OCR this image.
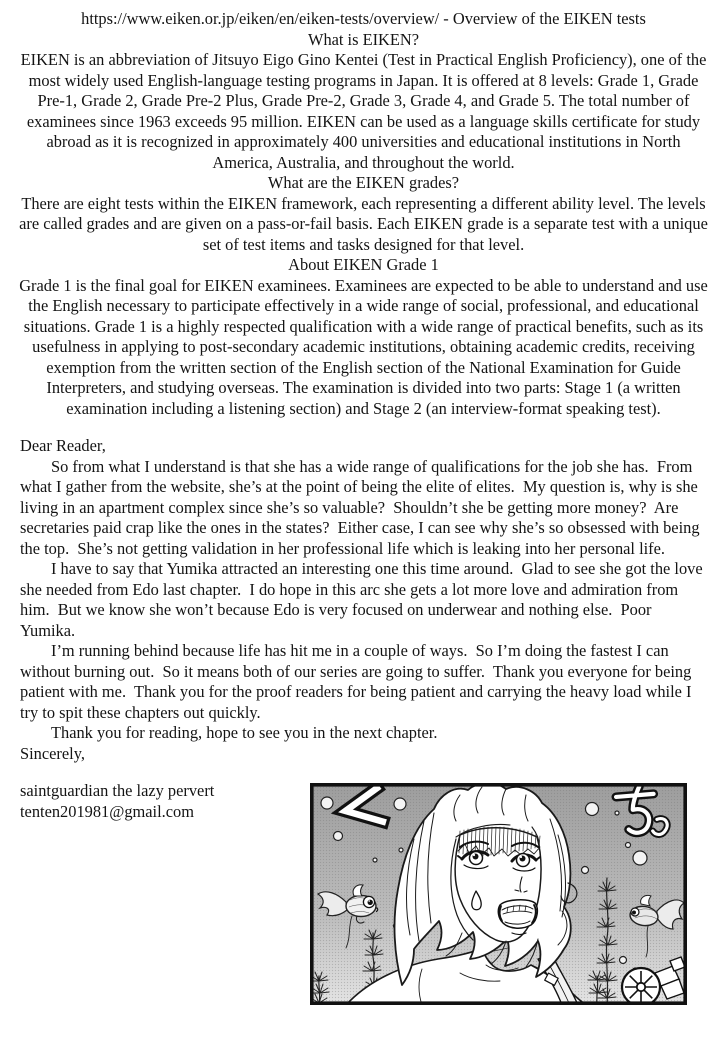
https://www.eiken.or.jp/eiken/en/eiken-tests/overview/ - Overview of the EIKEN tests

What is EIKEN?

EIKEN is an abbreviation of Jitsuyo Eigo Gino Kentei (Test in Practical English Proficiency), one of the most widely used English-language testing programs in Japan. It is offered at 8 levels: Grade 1, Grade Pre-1, Grade 2, Grade Pre-2 Plus, Grade Pre-2, Grade 3, Grade 4, and Grade 5. The total number of examinees since 1963 exceeds 95 million. EIKEN can be used as a language skills certificate for study abroad as it is recognized in approximately 400 universities and educational institutions in North America, Australia, and throughout the world.

What are the EIKEN grades?

There are eight tests within the EIKEN framework, each representing a different ability level. The levels are called grades and are given on a pass-or-fail basis. Each EIKEN grade is a separate test with a unique set of test items and tasks designed for that level.

About EIKEN Grade 1

Grade 1 is the final goal for EIKEN examinees. Examinees are expected to be able to understand and use the English necessary to participate effectively in a wide range of social, professional, and educational situations. Grade 1 is a highly respected qualification with a wide range of practical benefits, such as its usefulness in applying to post-secondary academic institutions, obtaining academic credits, receiving exemption from the written section of the English section of the National Examination for Guide Interpreters, and studying overseas. The examination is divided into two parts: Stage 1 (a written examination including a listening section) and Stage 2 (an interview-format speaking test).

Dear Reader,

So from what I understand is that she has a wide range of qualifications for the job she has.  From what I gather from the website, she’s at the point of being the elite of elites.  My question is, why is she living in an apartment complex since she’s so valuable?  Shouldn’t she be getting more money?  Are secretaries paid crap like the ones in the states?  Either case, I can see why she’s so obsessed with being the top.  She’s not getting validation in her professional life which is leaking into her personal life.

I have to say that Yumika attracted an interesting one this time around.  Glad to see she got the love she needed from Edo last chapter.  I do hope in this arc she gets a lot more love and admiration from him.  But we know she won’t because Edo is very focused on underwear and nothing else.  Poor Yumika.

I’m running behind because life has hit me in a couple of ways.  So I’m doing the fastest I can without burning out.  So it means both of our series are going to suffer.  Thank you everyone for being patient with me.  Thank you for the proof readers for being patient and carrying the heavy load while I try to spit these chapters out quickly.

Thank you for reading, hope to see you in the next chapter.

Sincerely,

saintguardian the lazy pervert

tenten201981@gmail.com
